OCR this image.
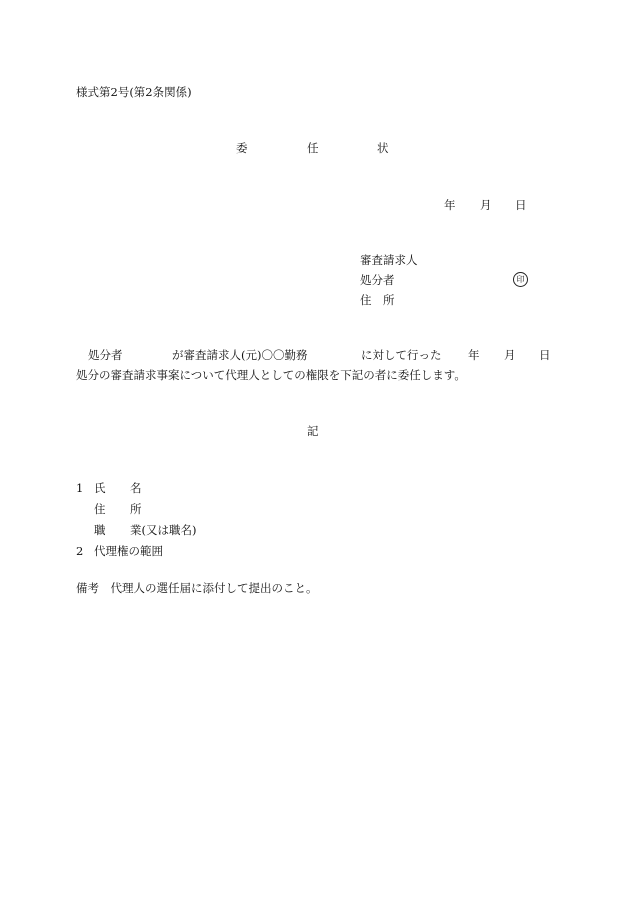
様式第2号(第2条関係)
委	任	状
年 月 日
審査請求人
処分者	印
住　所
処分者	が審査請求人(元)〇〇勤務	に対して行った 年 月 日
処分の審査請求事案について代理人としての権限を下記の者に委任します。
記
1 氏 名
住 所
職 業(又は職名)
2 代理権の範囲
備考　代理人の選任届に添付して提出のこと。
